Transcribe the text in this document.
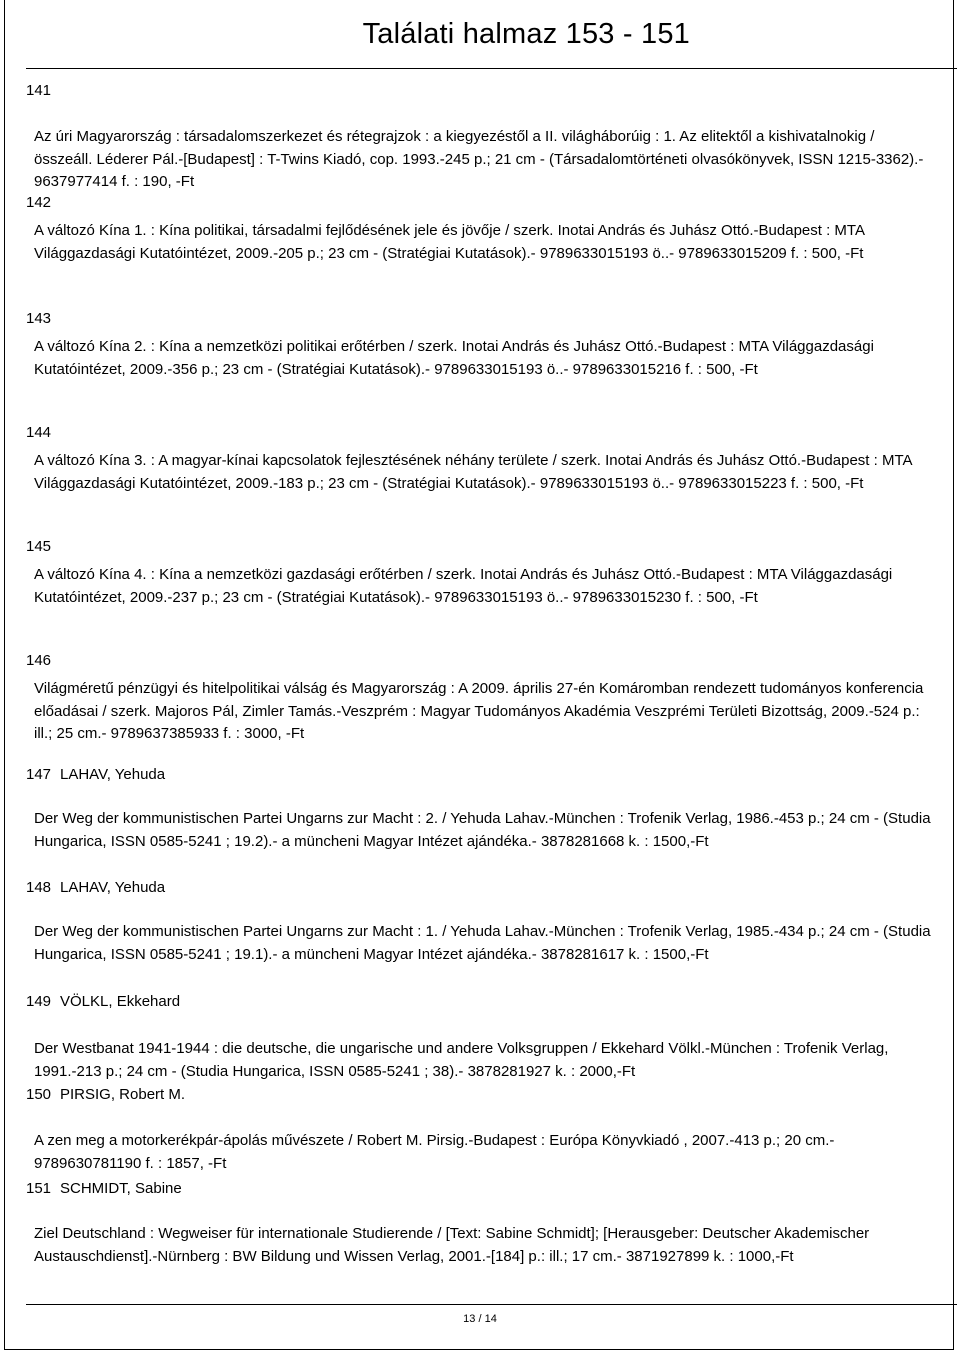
Találati halmaz 153 - 151
141
Az úri Magyarország : társadalomszerkezet és rétegrajzok : a kiegyezéstől a II. világháborúig : 1. Az elitektől a kishivatalnokig / összeáll. Léderer Pál.-[Budapest] : T-Twins Kiadó, cop. 1993.-245 p.; 21 cm - (Társadalomtörténeti olvasókönyvek, ISSN 1215-3362).- 9637977414 f. : 190, -Ft
142
A változó Kína 1. : Kína politikai, társadalmi fejlődésének jele és jövője / szerk. Inotai András és Juhász Ottó.-Budapest : MTA Világgazdasági Kutatóintézet, 2009.-205 p.; 23 cm - (Stratégiai Kutatások).- 9789633015193 ö..- 9789633015209 f. : 500, -Ft
143
A változó Kína 2. : Kína a nemzetközi politikai erőtérben / szerk. Inotai András és Juhász Ottó.-Budapest : MTA Világgazdasági Kutatóintézet, 2009.-356 p.; 23 cm - (Stratégiai Kutatások).- 9789633015193 ö..- 9789633015216 f. : 500, -Ft
144
A változó Kína 3. : A magyar-kínai kapcsolatok fejlesztésének néhány területe / szerk. Inotai András és Juhász Ottó.-Budapest : MTA Világgazdasági Kutatóintézet, 2009.-183 p.; 23 cm - (Stratégiai Kutatások).- 9789633015193 ö..- 9789633015223 f. : 500, -Ft
145
A változó Kína 4. : Kína a nemzetközi gazdasági erőtérben / szerk. Inotai András és Juhász Ottó.-Budapest : MTA Világgazdasági Kutatóintézet, 2009.-237 p.; 23 cm - (Stratégiai Kutatások).- 9789633015193 ö..- 9789633015230 f. : 500, -Ft
146
Világméretű pénzügyi és hitelpolitikai válság és Magyarország : A 2009. április 27-én Komáromban rendezett tudományos konferencia előadásai / szerk. Majoros Pál, Zimler Tamás.-Veszprém : Magyar Tudományos Akadémia Veszprémi Területi Bizottság, 2009.-524 p.: ill.; 25 cm.- 9789637385933 f. : 3000, -Ft
147 LAHAV, Yehuda
Der Weg der kommunistischen Partei Ungarns zur Macht : 2. / Yehuda Lahav.-München : Trofenik Verlag, 1986.-453 p.; 24 cm - (Studia Hungarica, ISSN 0585-5241 ; 19.2).- a müncheni Magyar Intézet ajándéka.- 3878281668 k. : 1500,-Ft
148 LAHAV, Yehuda
Der Weg der kommunistischen Partei Ungarns zur Macht : 1. / Yehuda Lahav.-München : Trofenik Verlag, 1985.-434 p.; 24 cm - (Studia Hungarica, ISSN 0585-5241 ; 19.1).- a müncheni Magyar Intézet ajándéka.- 3878281617 k. : 1500,-Ft
149 VÖLKL, Ekkehard
Der Westbanat 1941-1944 : die deutsche, die ungarische und andere Volksgruppen / Ekkehard Völkl.-München : Trofenik Verlag, 1991.-213 p.; 24 cm - (Studia Hungarica, ISSN 0585-5241 ; 38).- 3878281927 k. : 2000,-Ft
150 PIRSIG, Robert M.
A zen meg a motorkerékpár-ápolás művészete / Robert M. Pirsig.-Budapest : Európa Könyvkiadó , 2007.-413 p.; 20 cm.- 9789630781190 f. : 1857, -Ft
151 SCHMIDT, Sabine
Ziel Deutschland : Wegweiser für internationale Studierende / [Text: Sabine Schmidt]; [Herausgeber: Deutscher Akademischer Austauschdienst].-Nürnberg : BW Bildung und Wissen Verlag, 2001.-[184] p.: ill.; 17 cm.- 3871927899 k. : 1000,-Ft
13 / 14
